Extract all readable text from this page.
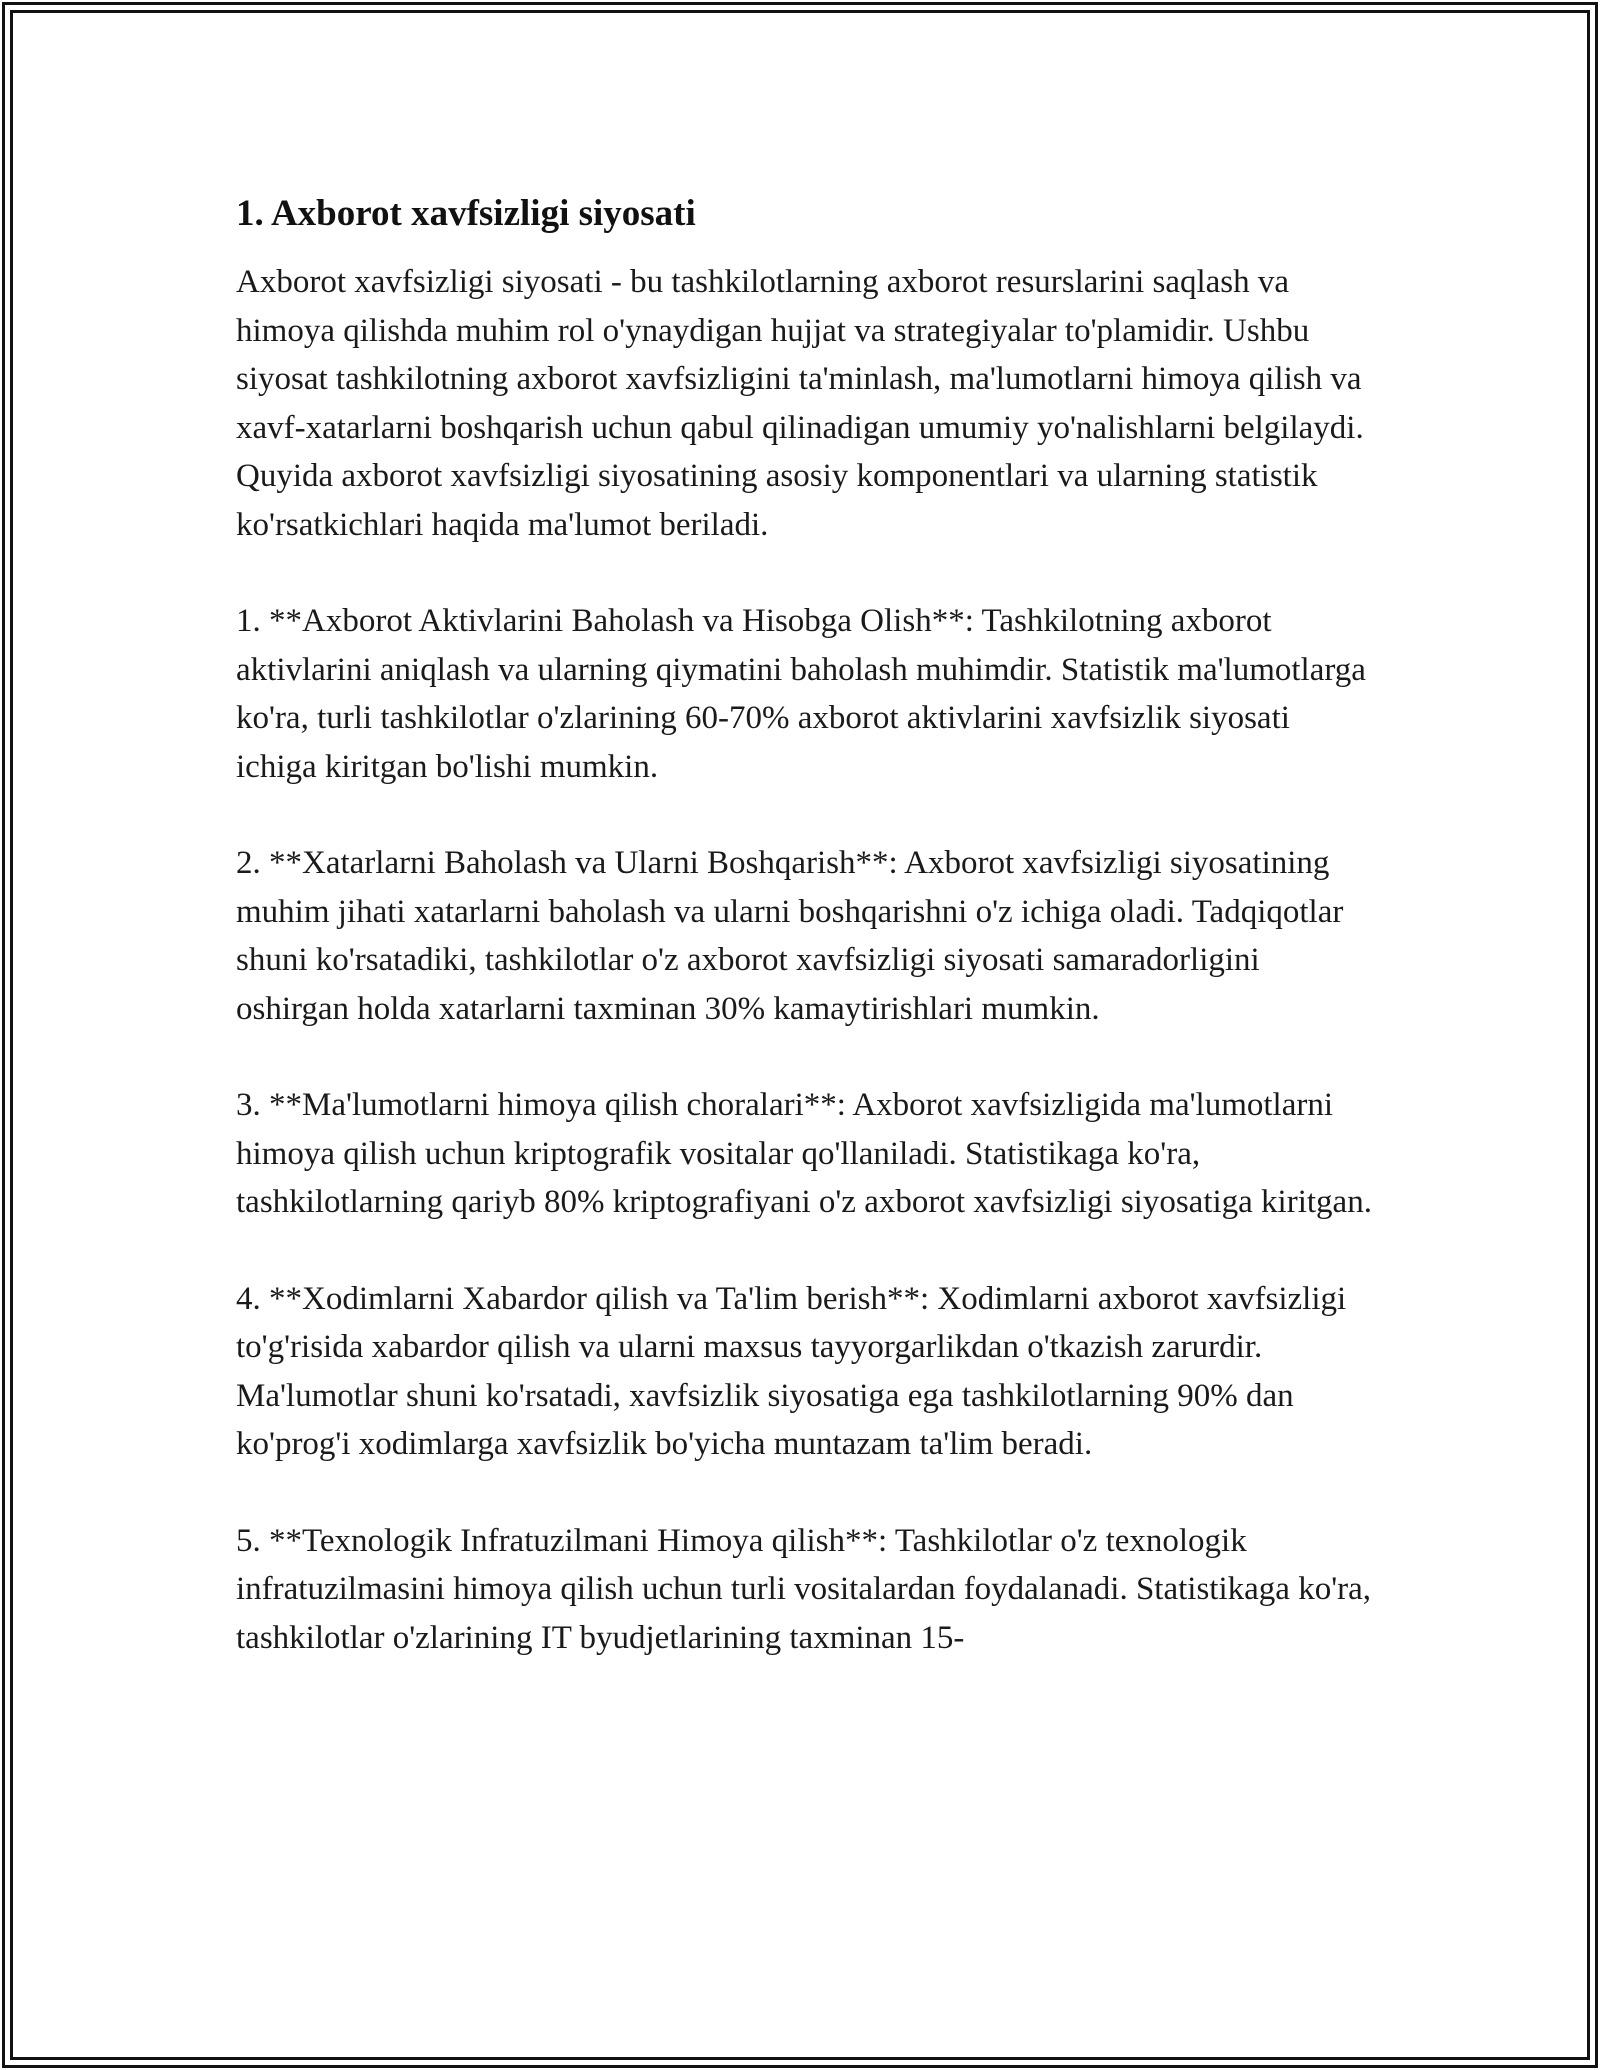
1. Axborot xavfsizligi siyosati

Axborot xavfsizligi siyosati - bu tashkilotlarning axborot resurslarini saqlash va himoya qilishda muhim rol o'ynaydigan hujjat va strategiyalar to'plamidir. Ushbu siyosat tashkilotning axborot xavfsizligini ta'minlash, ma'lumotlarni himoya qilish va xavf-xatarlarni boshqarish uchun qabul qilinadigan umumiy yo'nalishlarni belgilaydi. Quyida axborot xavfsizligi siyosatining asosiy komponentlari va ularning statistik ko'rsatkichlari haqida ma'lumot beriladi.

1. **Axborot Aktivlarini Baholash va Hisobga Olish**: Tashkilotning axborot aktivlarini aniqlash va ularning qiymatini baholash muhimdir. Statistik ma'lumotlarga ko'ra, turli tashkilotlar o'zlarining 60-70% axborot aktivlarini xavfsizlik siyosati ichiga kiritgan bo'lishi mumkin.

2. **Xatarlarni Baholash va Ularni Boshqarish**: Axborot xavfsizligi siyosatining muhim jihati xatarlarni baholash va ularni boshqarishni o'z ichiga oladi. Tadqiqotlar shuni ko'rsatadiki, tashkilotlar o'z axborot xavfsizligi siyosati samaradorligini oshirgan holda xatarlarni taxminan 30% kamaytirishlari mumkin.

3. **Ma'lumotlarni himoya qilish choralari**: Axborot xavfsizligida ma'lumotlarni himoya qilish uchun kriptografik vositalar qo'llaniladi. Statistikaga ko'ra, tashkilotlarning qariyb 80% kriptografiyani o'z axborot xavfsizligi siyosatiga kiritgan.

4. **Xodimlarni Xabardor qilish va Ta'lim berish**: Xodimlarni axborot xavfsizligi to'g'risida xabardor qilish va ularni maxsus tayyorgarlikdan o'tkazish zarurdir. Ma'lumotlar shuni ko'rsatadi, xavfsizlik siyosatiga ega tashkilotlarning 90% dan ko'prog'i xodimlarga xavfsizlik bo'yicha muntazam ta'lim beradi.

5. **Texnologik Infratuzilmani Himoya qilish**: Tashkilotlar o'z texnologik infratuzilmasini himoya qilish uchun turli vositalardan foydalanadi. Statistikaga ko'ra, tashkilotlar o'zlarining IT byudjetlarining taxminan 15-
